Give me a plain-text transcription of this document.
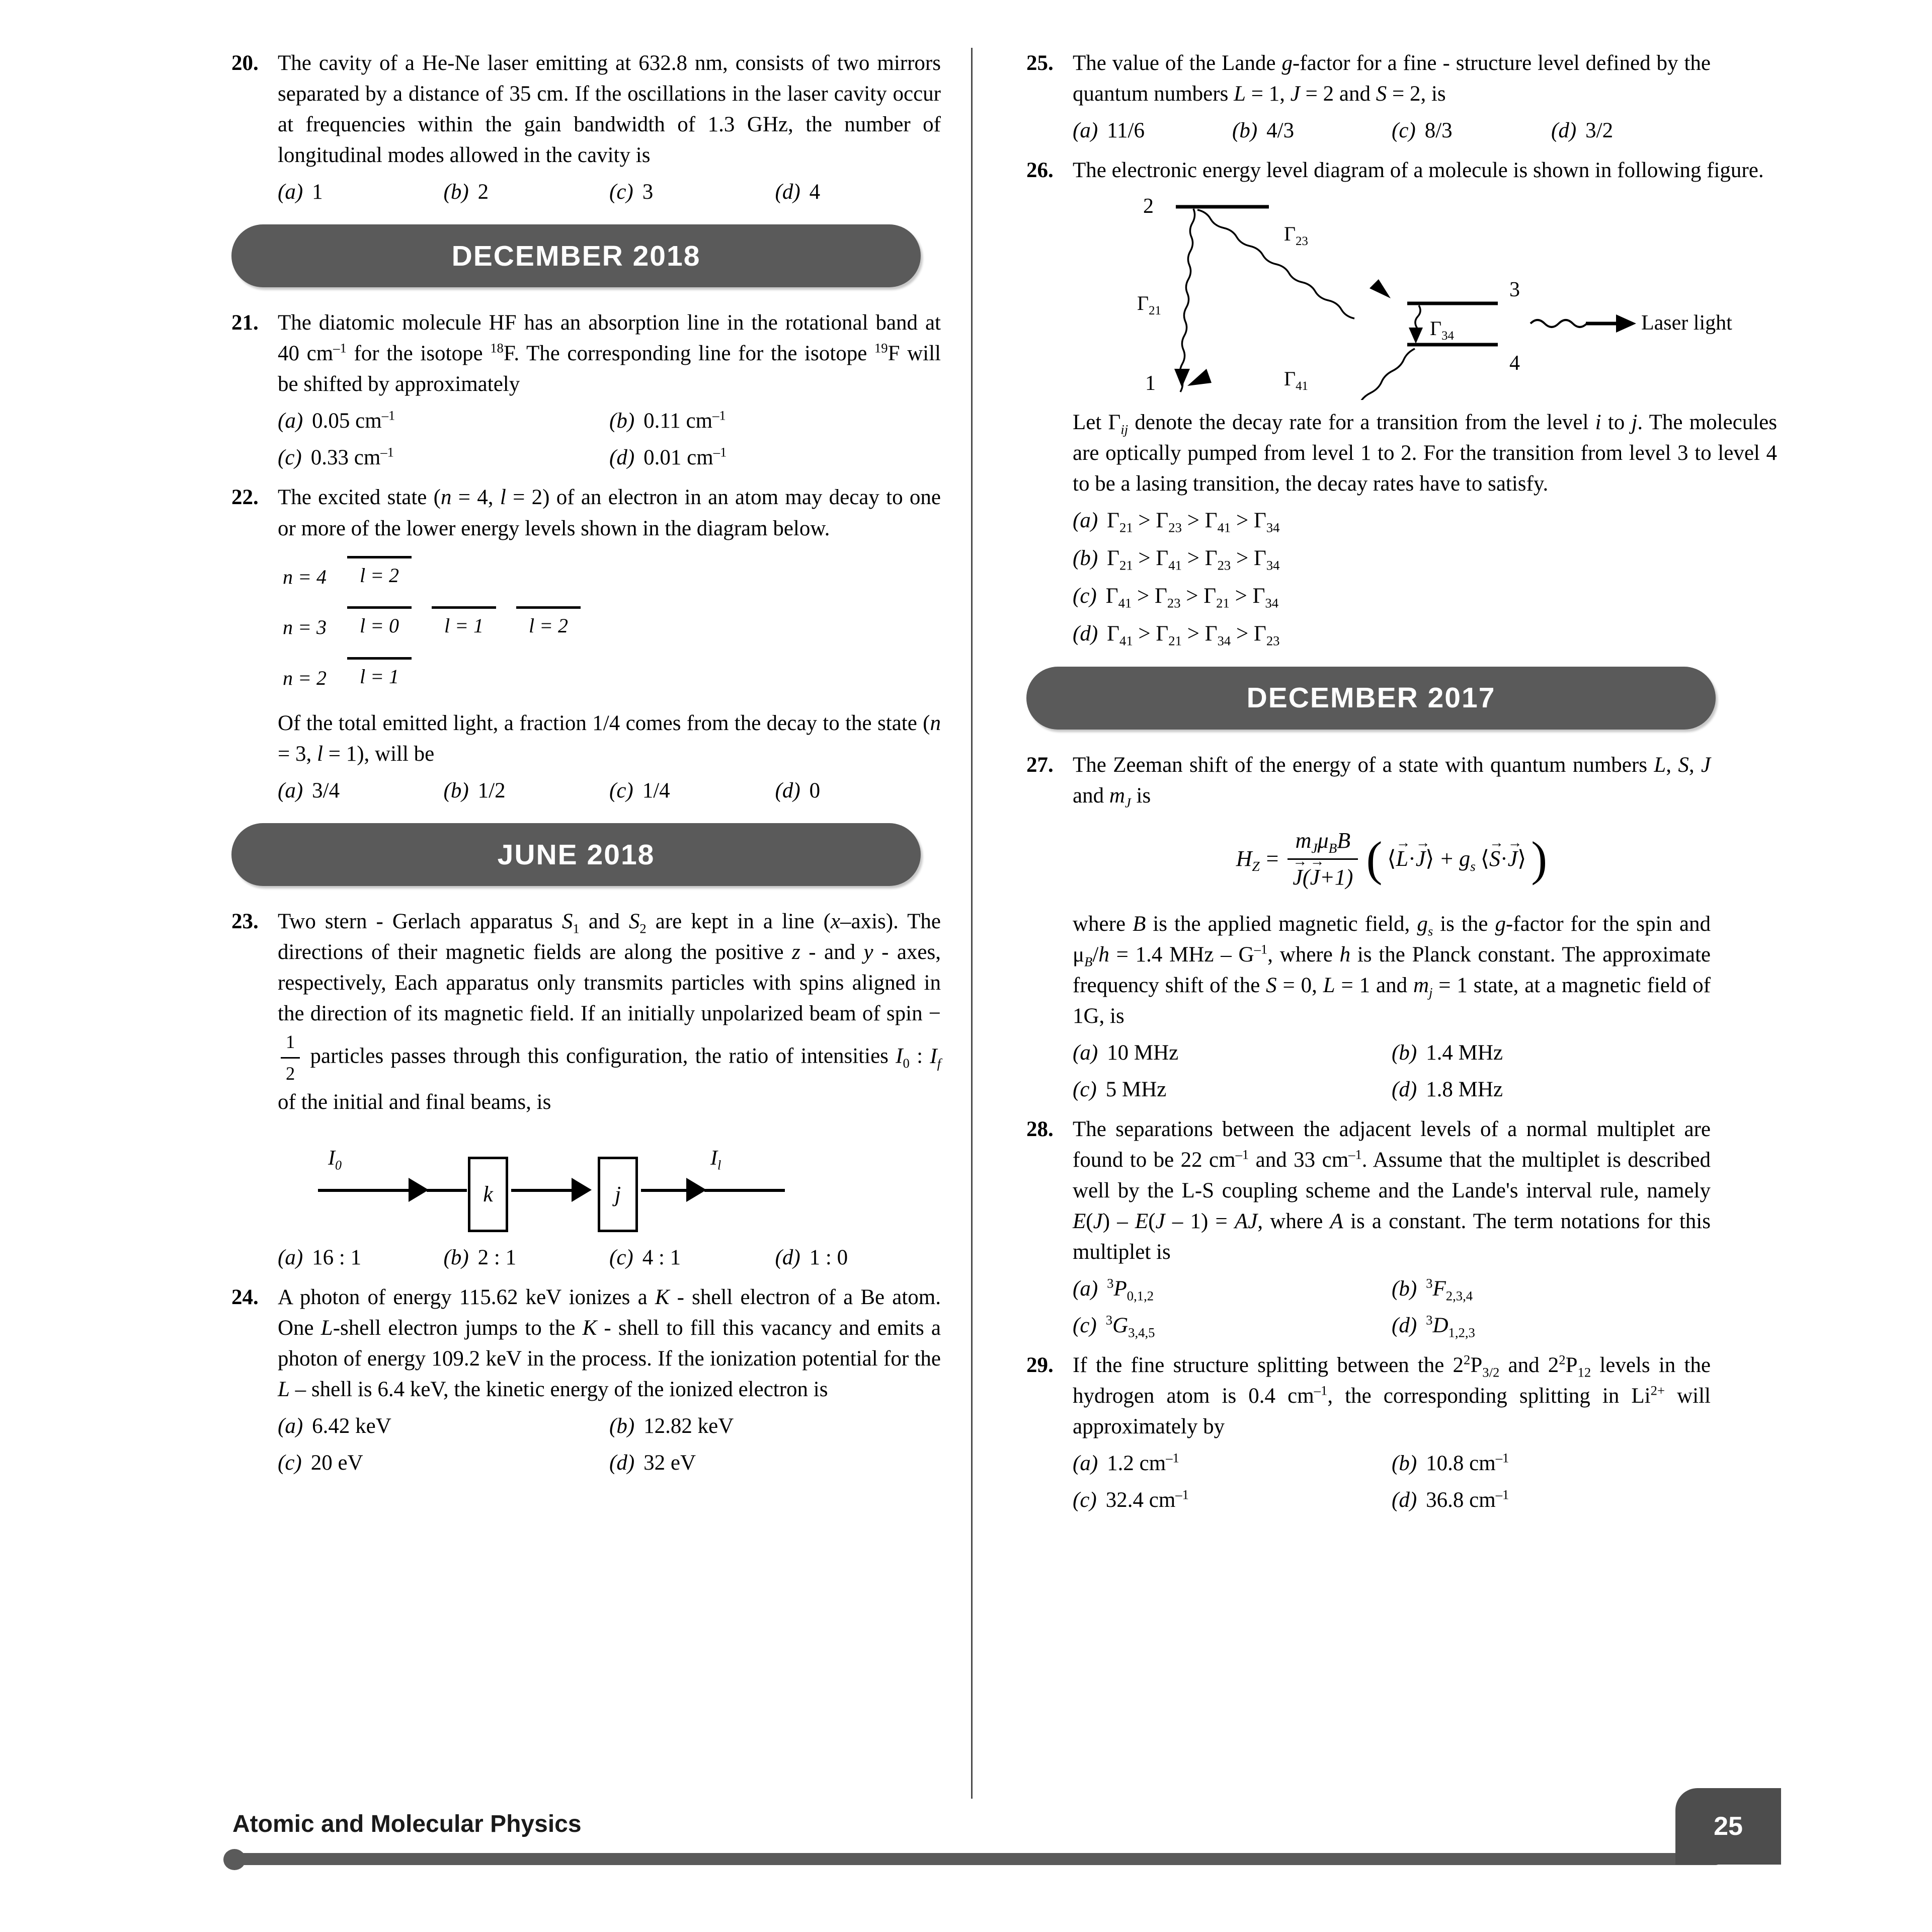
20. The cavity of a He-Ne laser emitting at 632.8 nm, consists of two mirrors separated by a distance of 35 cm. If the oscillations in the laser cavity occur at frequencies within the gain bandwidth of 1.3 GHz, the number of longitudinal modes allowed in the cavity is
(a) 1	(b) 2	(c) 3	(d) 4
DECEMBER 2018
21. The diatomic molecule HF has an absorption line in the rotational band at 40 $cm^{-1}$ for the isotope $^{18}$F. The corresponding line for the isotope $^{19}$F will be shifted by approximately
(a) 0.05 $cm^{-1}$	(b) 0.11 $cm^{-1}$
(c) 0.33 $cm^{-1}$	(d) 0.01 $cm^{-1}$
22. The excited state (n = 4, l = 2) of an electron in an atom may decay to one or more of the lower energy levels shown in the diagram below.
n = 4	l = 2
n = 3	l = 0 l = 1 l = 2
n = 2	l = 1
Of the total emitted light, a fraction 1/4 comes from the decay to the state (n = 3, l = 1), will be
(a) 3/4	(b) 1/2	(c) 1/4	(d) 0
JUNE 2018
23. Two stern - Gerlach apparatus $S_1$ and $S_2$ are kept in a line (x–axis). The directions of their magnetic fields are along the positive z - and y - axes, respectively, Each apparatus only transmits particles with spins aligned in the direction of its magnetic field. If an initially unpolarized beam of spin −
$\frac{1}{2}$ particles passes through this configuration, the ratio of intensities $I_0$ : $I_f$ of the initial and final beams, is
$I_0$
k	j
$I_l$
(a) 16 : 1	(b) 2 : 1	(c) 4 : 1	(d) 1 : 0
24. A photon of energy 115.62 keV ionizes a K - shell electron of a Be atom. One L-shell electron jumps to the K - shell to fill this vacancy and emits a photon of energy 109.2 keV in the process. If the ionization potential for the L – shell is 6.4 keV, the kinetic energy of the ionized electron is
(a) 6.42 keV	(b) 12.82 keV
(c) 20 eV	(d) 32 eV
25. The value of the Lande g-factor for a fine - structure level defined by the quantum numbers L = 1, J = 2 and S = 2, is
(a) 11/6	(b) 4/3	(c) 8/3	(d) 3/2
26. The electronic energy level diagram of a molecule is shown in following figure.
2
3
4
1
$\Gamma_{23}$
$\Gamma_{21}$
$\Gamma_{34}$
$\Gamma_{41}$
Laser light
Let $\Gamma_{ij}$ denote the decay rate for a transition from the level i to j. The molecules are optically pumped from level 1 to 2. For the transition from level 3 to level 4 to be a lasing transition, the decay rates have to satisfy.
(a) $\Gamma_{21} > \Gamma_{23} > \Gamma_{41} > \Gamma_{34}$
(b) $\Gamma_{21} > \Gamma_{41} > \Gamma_{23} > \Gamma_{34}$
(c) $\Gamma_{41} > \Gamma_{23} > \Gamma_{21} > \Gamma_{34}$
(d) $\Gamma_{41} > \Gamma_{21} > \Gamma_{34} > \Gamma_{23}$
DECEMBER 2017
27. The Zeeman shift of the energy of a state with quantum numbers L, S, J and $m_J$ is
$H_Z = \frac{m_J\mu_BB}{J \to(J \to+1)}$ ( ⟨L →·J →⟩ + $g_s$ ⟨S →·J →⟩ )
where B is the applied magnetic field, $g_s$ is the g-factor for the spin and $\mu_B/h = 1.4$ MHz – $G^{-1}$, where h is the Planck constant. The approximate frequency shift of the S = 0, L = 1 and $m_j = 1$ state, at a magnetic field of 1G, is
(a) 10 MHz	(b) 1.4 MHz
(c) 5 MHz	(d) 1.8 MHz
28. The separations between the adjacent levels of a normal multiplet are found to be 22 $cm^{-1}$ and 33 $cm^{-1}$. Assume that the multiplet is described well by the L-S coupling scheme and the Lande's interval rule, namely E(J) – E(J – 1) = AJ, where A is a constant. The term notations for this multiplet is
(a) $^3P_{0,1,2}$	(b) $^3F_{2,3,4}$
(c) $^3G_{3,4,5}$	(d) $^3D_{1,2,3}$
29. If the fine structure splitting between the $2^2P_{3/2}$ and $2^2P_{12}$ levels in the hydrogen atom is 0.4 $cm^{-1}$, the corresponding splitting in $Li^{2+}$ will approximately by
(a) 1.2 $cm^{-1}$	(b) 10.8 $cm^{-1}$
(c) 32.4 $cm^{-1}$	(d) 36.8 $cm^{-1}$
Atomic and Molecular Physics	25
